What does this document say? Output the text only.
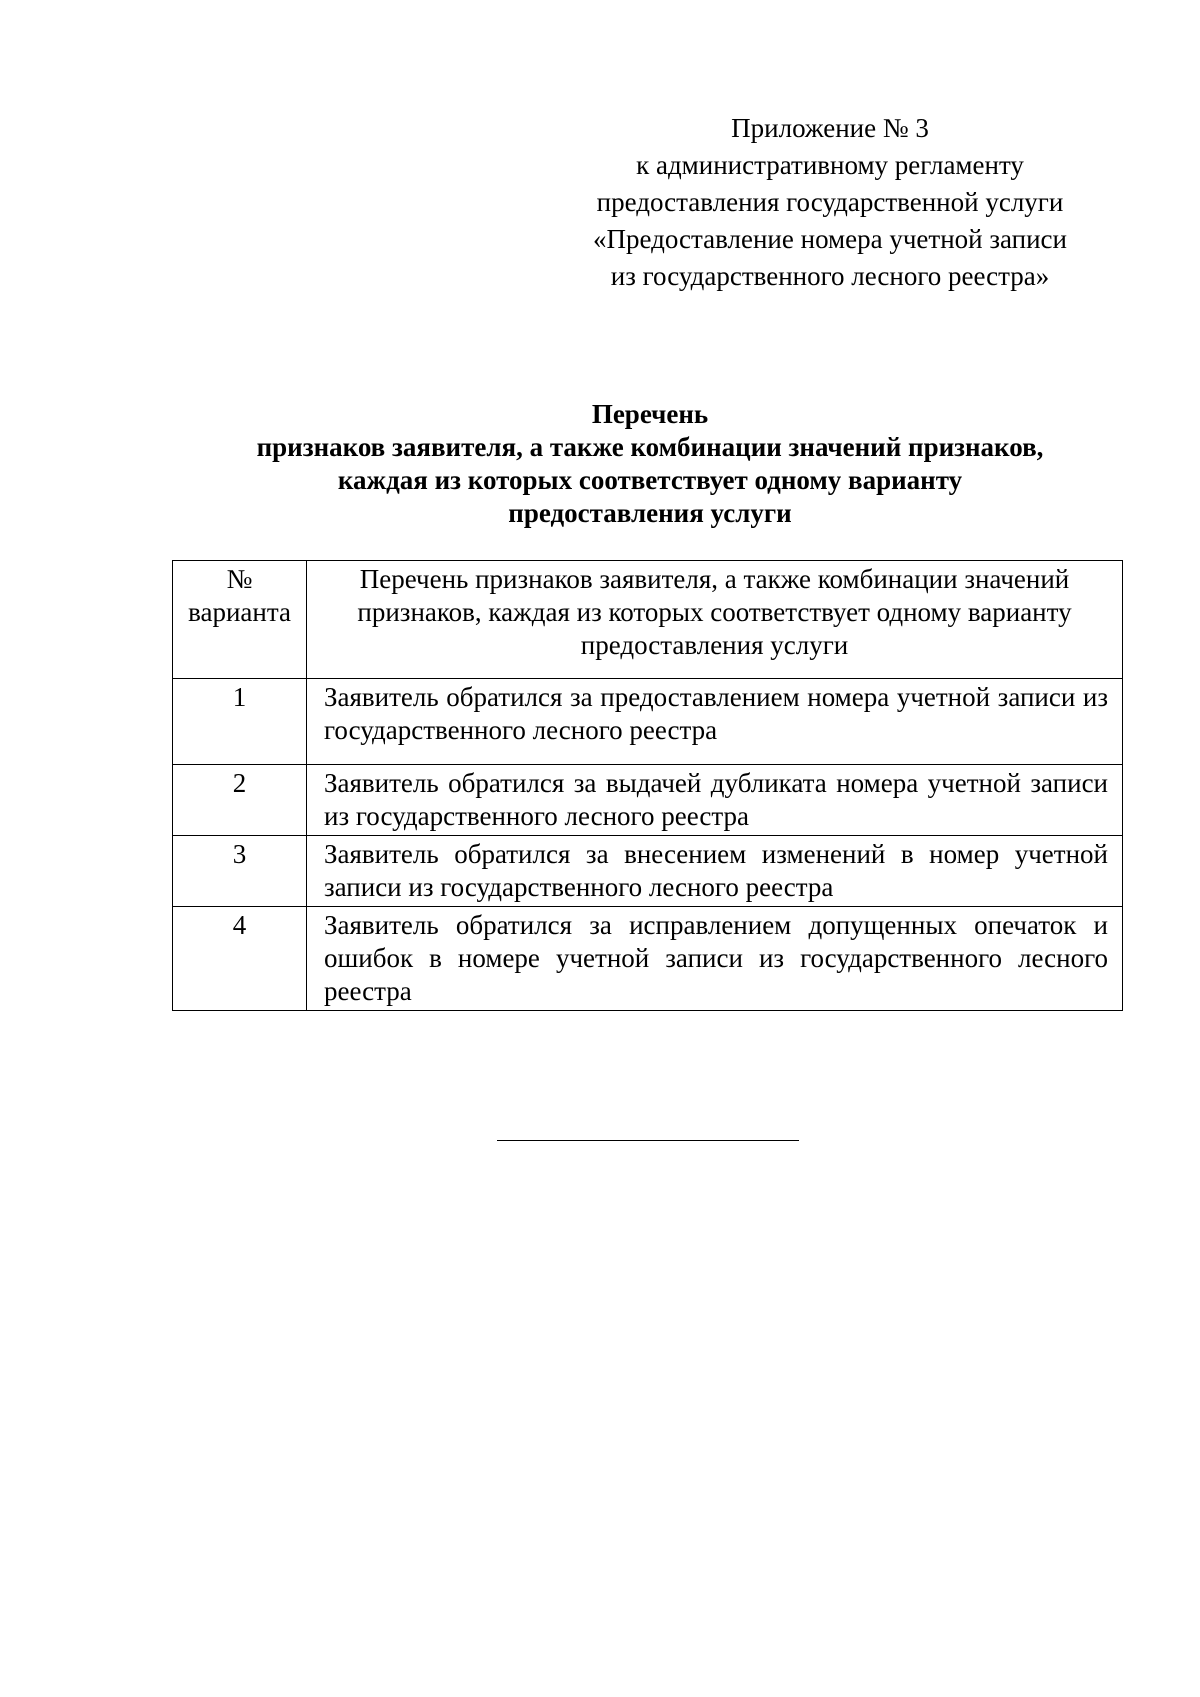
Приложение № 3
к административному регламенту
предоставления государственной услуги
«Предоставление номера учетной записи
из государственного лесного реестра»
Перечень
признаков заявителя, а также комбинации значений признаков,
каждая из которых соответствует одному варианту
предоставления услуги
№ варианта	Перечень признаков заявителя, а также комбинации значений признаков, каждая из которых соответствует одному варианту предоставления услуги
1	Заявитель обратился за предоставлением номера учетной записи из государственного лесного реестра
2	Заявитель обратился за выдачей дубликата номера учетной записи из государственного лесного реестра
3	Заявитель обратился за внесением изменений в номер учетной записи из государственного лесного реестра
4	Заявитель обратился за исправлением допущенных опечаток и ошибок в номере учетной записи из государственного лесного реестра
